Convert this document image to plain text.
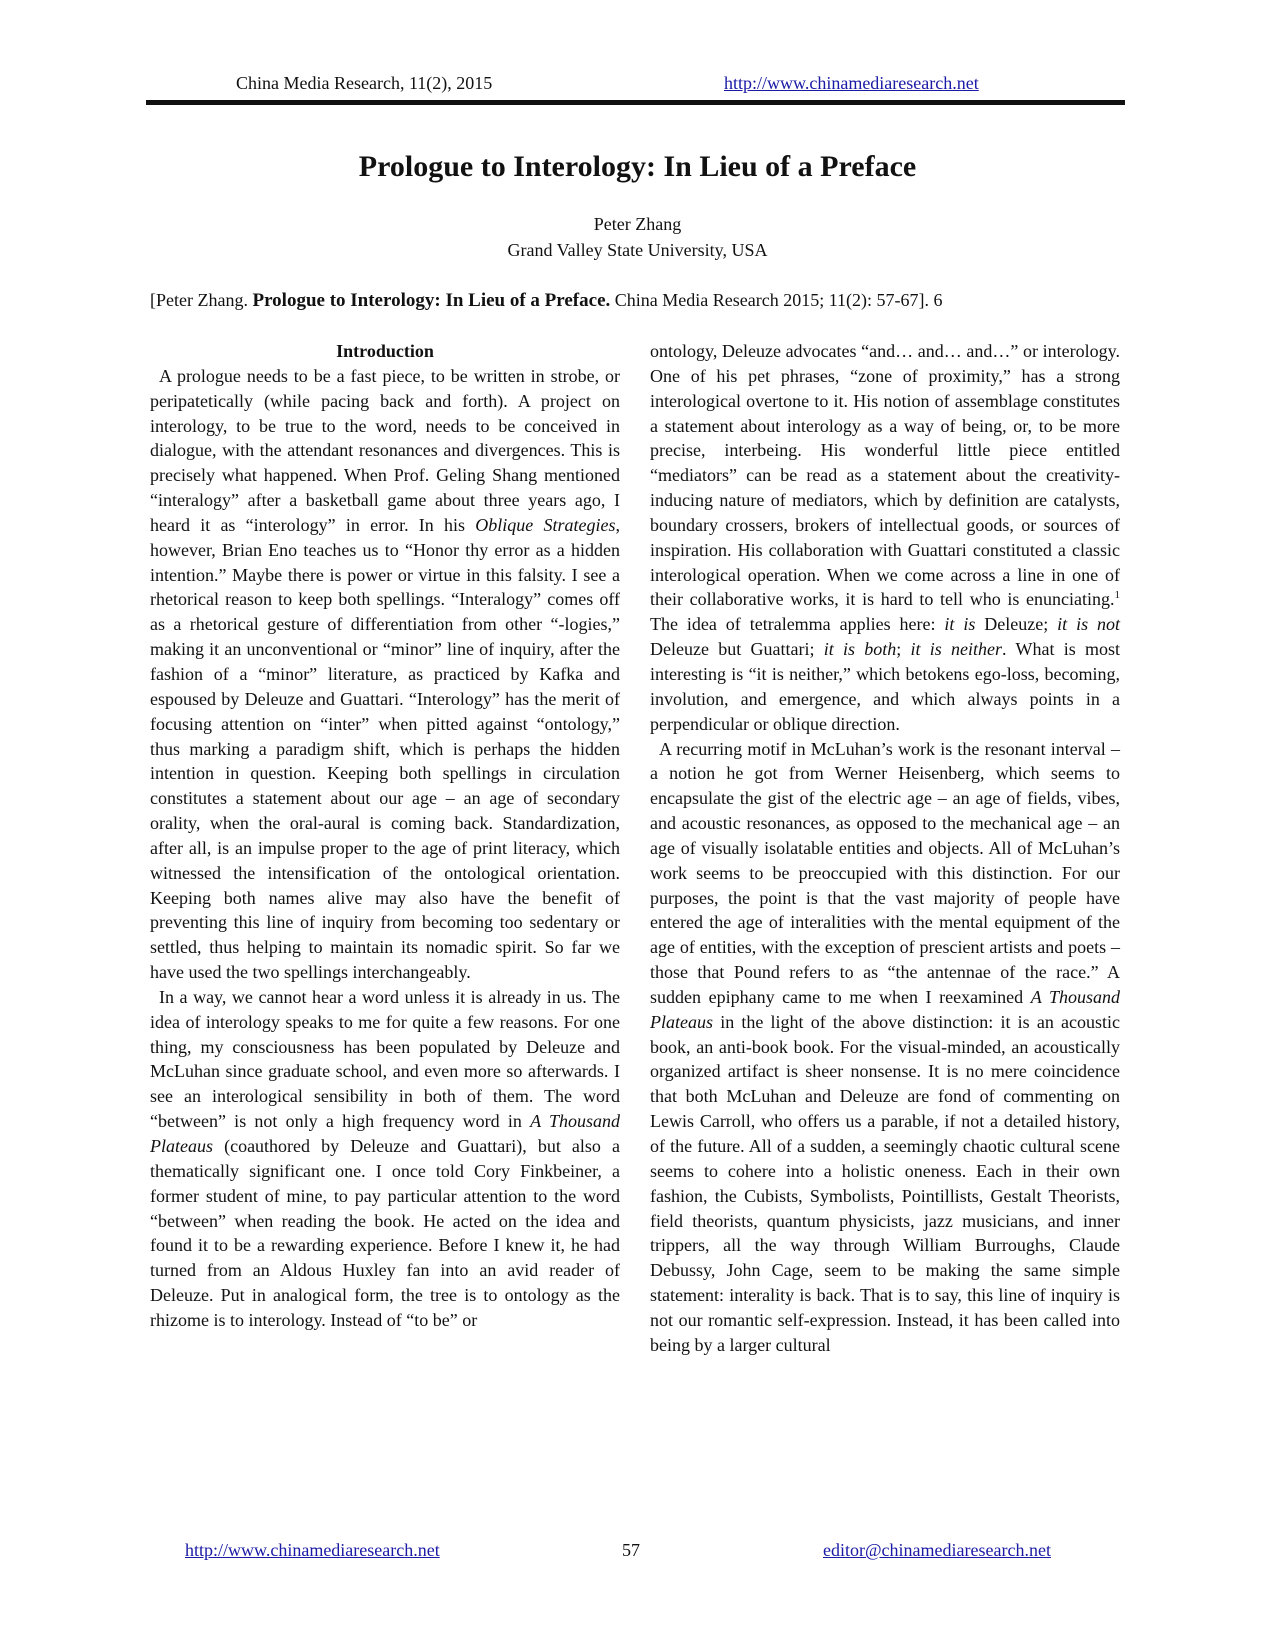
China Media Research, 11(2), 2015	http://www.chinamediaresearch.net
Prologue to Interology: In Lieu of a Preface
Peter Zhang
Grand Valley State University, USA
[Peter Zhang. Prologue to Interology: In Lieu of a Preface. China Media Research 2015; 11(2): 57-67]. 6
Introduction

A prologue needs to be a fast piece, to be written in strobe, or peripatetically (while pacing back and forth). A project on interology, to be true to the word, needs to be conceived in dialogue, with the attendant resonances and divergences. This is precisely what happened. When Prof. Geling Shang mentioned “interalogy” after a basketball game about three years ago, I heard it as “interology” in error. In his Oblique Strategies, however, Brian Eno teaches us to “Honor thy error as a hidden intention.” Maybe there is power or virtue in this falsity. I see a rhetorical reason to keep both spellings. “Interalogy” comes off as a rhetorical gesture of differentiation from other “-logies,” making it an unconventional or “minor” line of inquiry, after the fashion of a “minor” literature, as practiced by Kafka and espoused by Deleuze and Guattari. “Interology” has the merit of focusing attention on “inter” when pitted against “ontology,” thus marking a paradigm shift, which is perhaps the hidden intention in question. Keeping both spellings in circulation constitutes a statement about our age – an age of secondary orality, when the oral-aural is coming back. Standardization, after all, is an impulse proper to the age of print literacy, which witnessed the intensification of the ontological orientation. Keeping both names alive may also have the benefit of preventing this line of inquiry from becoming too sedentary or settled, thus helping to maintain its nomadic spirit. So far we have used the two spellings interchangeably.

In a way, we cannot hear a word unless it is already in us. The idea of interology speaks to me for quite a few reasons. For one thing, my consciousness has been populated by Deleuze and McLuhan since graduate school, and even more so afterwards. I see an interological sensibility in both of them. The word “between” is not only a high frequency word in A Thousand Plateaus (coauthored by Deleuze and Guattari), but also a thematically significant one. I once told Cory Finkbeiner, a former student of mine, to pay particular attention to the word “between” when reading the book. He acted on the idea and found it to be a rewarding experience. Before I knew it, he had turned from an Aldous Huxley fan into an avid reader of Deleuze. Put in analogical form, the tree is to ontology as the rhizome is to interology. Instead of “to be” or

ontology, Deleuze advocates “and… and… and…” or interology. One of his pet phrases, “zone of proximity,” has a strong interological overtone to it. His notion of assemblage constitutes a statement about interology as a way of being, or, to be more precise, interbeing. His wonderful little piece entitled “mediators” can be read as a statement about the creativity-inducing nature of mediators, which by definition are catalysts, boundary crossers, brokers of intellectual goods, or sources of inspiration. His collaboration with Guattari constituted a classic interological operation. When we come across a line in one of their collaborative works, it is hard to tell who is enunciating.$^1$ The idea of tetralemma applies here: it is Deleuze; it is not Deleuze but Guattari; it is both; it is neither. What is most interesting is “it is neither,” which betokens ego-loss, becoming, involution, and emergence, and which always points in a perpendicular or oblique direction.

A recurring motif in McLuhan’s work is the resonant interval – a notion he got from Werner Heisenberg, which seems to encapsulate the gist of the electric age – an age of fields, vibes, and acoustic resonances, as opposed to the mechanical age – an age of visually isolatable entities and objects. All of McLuhan’s work seems to be preoccupied with this distinction. For our purposes, the point is that the vast majority of people have entered the age of interalities with the mental equipment of the age of entities, with the exception of prescient artists and poets – those that Pound refers to as “the antennae of the race.” A sudden epiphany came to me when I reexamined A Thousand Plateaus in the light of the above distinction: it is an acoustic book, an anti-book book. For the visual-minded, an acoustically organized artifact is sheer nonsense. It is no mere coincidence that both McLuhan and Deleuze are fond of commenting on Lewis Carroll, who offers us a parable, if not a detailed history, of the future. All of a sudden, a seemingly chaotic cultural scene seems to cohere into a holistic oneness. Each in their own fashion, the Cubists, Symbolists, Pointillists, Gestalt Theorists, field theorists, quantum physicists, jazz musicians, and inner trippers, all the way through William Burroughs, Claude Debussy, John Cage, seem to be making the same simple statement: interality is back. That is to say, this line of inquiry is not our romantic self-expression. Instead, it has been called into being by a larger cultural

http://www.chinamediaresearch.net	57	editor@chinamediaresearch.net
